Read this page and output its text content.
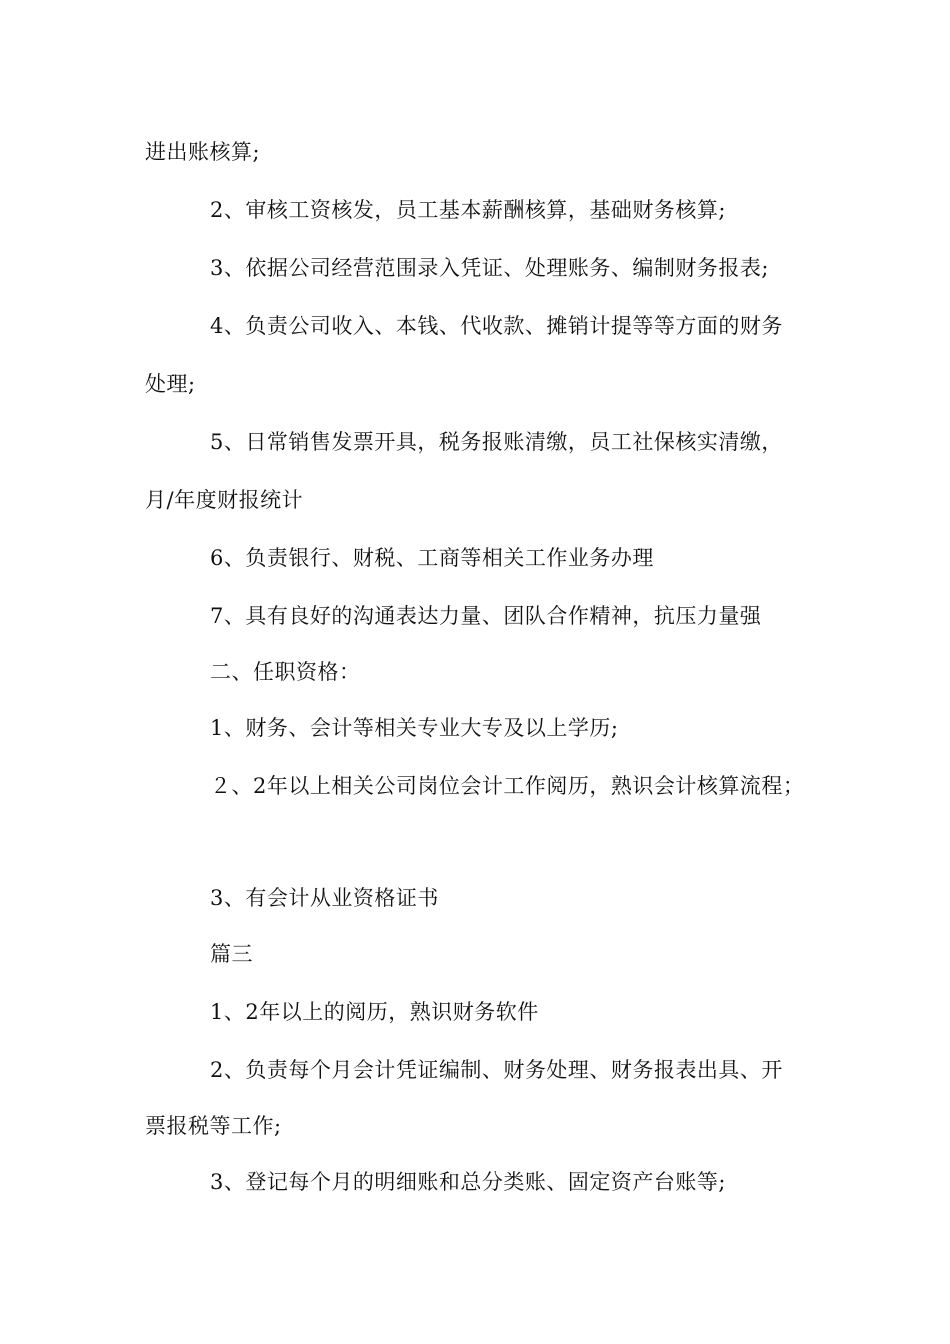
进出账核算;
2、审核工资核发，员工基本薪酬核算，基础财务核算;
3、依据公司经营范围录入凭证、处理账务、编制财务报表;
4、负责公司收入、本钱、代收款、摊销计提等等方面的财务
处理;
5、日常销售发票开具，税务报账清缴，员工社保核实清缴，
月/年度财报统计
6、负责银行、财税、工商等相关工作业务办理
7、具有良好的沟通表达力量、团队合作精神，抗压力量强
二、任职资格：
1、财务、会计等相关专业大专及以上学历;
２、2年以上相关公司岗位会计工作阅历，熟识会计核算流程；
3、有会计从业资格证书
篇三
1、2年以上的阅历，熟识财务软件
2、负责每个月会计凭证编制、财务处理、财务报表出具、开
票报税等工作;
3、登记每个月的明细账和总分类账、固定资产台账等;
